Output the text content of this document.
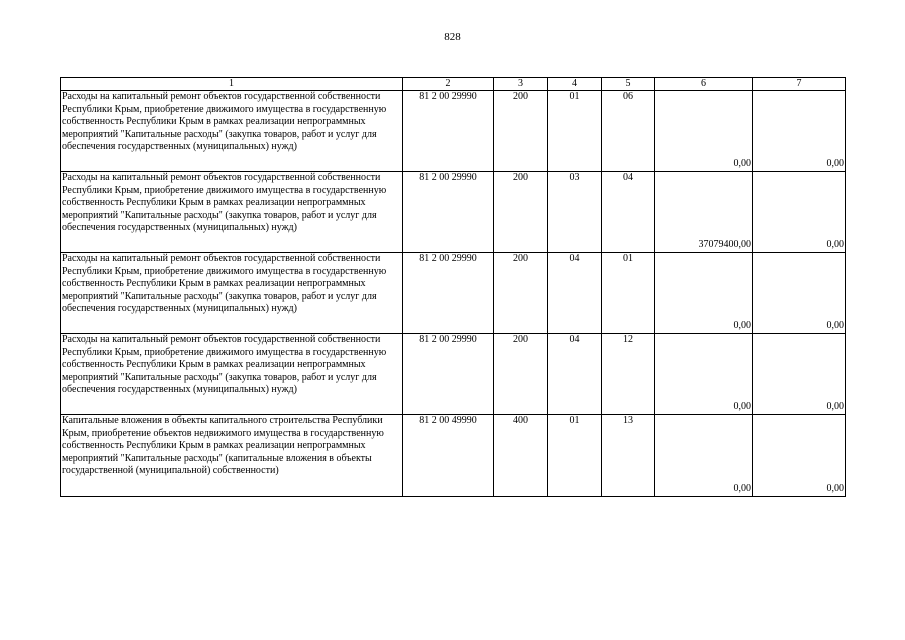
828
1	2	3	4	5	6	7
Расходы на капитальный ремонт объектов государственной собственности Республики Крым, приобретение движимого имущества в государственную собственность Республики Крым в рамках реализации непрограммных мероприятий "Капитальные расходы" (закупка товаров, работ и услуг для обеспечения государственных (муниципальных) нужд)	81 2 00 29990	200	01	06	0,00	0,00
Расходы на капитальный ремонт объектов государственной собственности Республики Крым, приобретение движимого имущества в государственную собственность Республики Крым в рамках реализации непрограммных мероприятий "Капитальные расходы" (закупка товаров, работ и услуг для обеспечения государственных (муниципальных) нужд)	81 2 00 29990	200	03	04	37079400,00	0,00
Расходы на капитальный ремонт объектов государственной собственности Республики Крым, приобретение движимого имущества в государственную собственность Республики Крым в рамках реализации непрограммных мероприятий "Капитальные расходы" (закупка товаров, работ и услуг для обеспечения государственных (муниципальных) нужд)	81 2 00 29990	200	04	01	0,00	0,00
Расходы на капитальный ремонт объектов государственной собственности Республики Крым, приобретение движимого имущества в государственную собственность Республики Крым в рамках реализации непрограммных мероприятий "Капитальные расходы" (закупка товаров, работ и услуг для обеспечения государственных (муниципальных) нужд)	81 2 00 29990	200	04	12	0,00	0,00
Капитальные вложения в объекты капитального строительства Республики Крым, приобретение объектов недвижимого имущества в государственную собственность Республики Крым в рамках реализации непрограммных мероприятий "Капитальные расходы" (капитальные вложения в объекты государственной (муниципальной) собственности)	81 2 00 49990	400	01	13	0,00	0,00
